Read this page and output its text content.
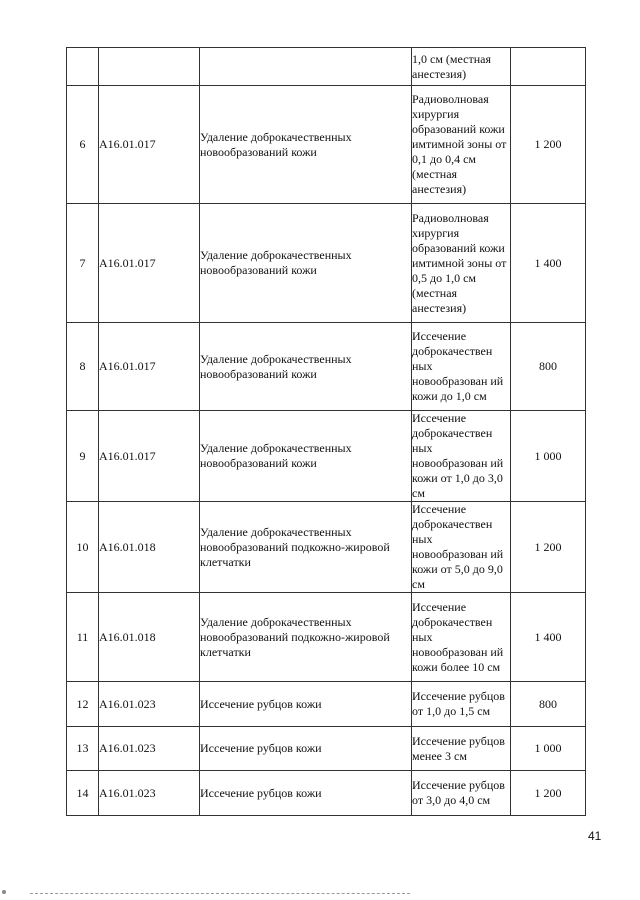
			1,0 см (местная анестезия)	
6	A16.01.017	Удаление доброкачественных новообразований кожи	Радиоволновая хирургия образований кожи имтимной зоны от 0,1 до 0,4 см (местная анестезия)	1 200
7	A16.01.017	Удаление доброкачественных новообразований кожи	Радиоволновая хирургия образований кожи имтимной зоны от 0,5 до 1,0 см (местная анестезия)	1 400
8	A16.01.017	Удаление доброкачественных новообразований кожи	Иссечение доброкачествен ных новообразован ий кожи до 1,0 см	800
9	A16.01.017	Удаление доброкачественных новообразований кожи	Иссечение доброкачествен ных новообразован ий кожи от 1,0 до 3,0 см	1 000
10	A16.01.018	Удаление доброкачественных новообразований подкожно-жировой клетчатки	Иссечение доброкачествен ных новообразован ий кожи от 5,0 до 9,0 см	1 200
11	A16.01.018	Удаление доброкачественных новообразований подкожно-жировой клетчатки	Иссечение доброкачествен ных новообразован ий кожи более 10 см	1 400
12	A16.01.023	Иссечение рубцов кожи	Иссечение рубцов от 1,0 до 1,5 см	800
13	A16.01.023	Иссечение рубцов кожи	Иссечение рубцов менее 3 см	1 000
14	A16.01.023	Иссечение рубцов кожи	Иссечение рубцов от 3,0 до 4,0 см	1 200
41
